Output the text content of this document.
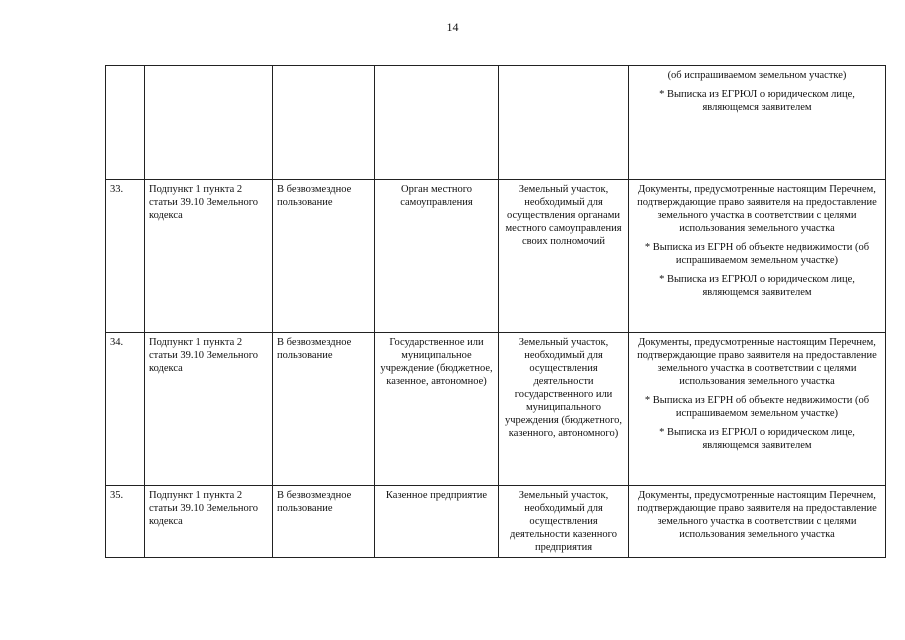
14

					(об испрашиваемом земельном участке)
* Выписка из ЕГРЮЛ о юридическом лице, являющемся заявителем

33.	Подпункт 1 пункта 2 статьи 39.10 Земельного кодекса	В безвозмездное пользование	Орган местного самоуправления	Земельный участок, необходимый для осуществления органами местного самоуправления своих полномочий	Документы, предусмотренные настоящим Перечнем, подтверждающие право заявителя на предоставление земельного участка в соответствии с целями использования земельного участка
* Выписка из ЕГРН об объекте недвижимости (об испрашиваемом земельном участке)
* Выписка из ЕГРЮЛ о юридическом лице, являющемся заявителем

34.	Подпункт 1 пункта 2 статьи 39.10 Земельного кодекса	В безвозмездное пользование	Государственное или муниципальное учреждение (бюджетное, казенное, автономное)	Земельный участок, необходимый для осуществления деятельности государственного или муниципального учреждения (бюджетного, казенного, автономного)	Документы, предусмотренные настоящим Перечнем, подтверждающие право заявителя на предоставление земельного участка в соответствии с целями использования земельного участка
* Выписка из ЕГРН об объекте недвижимости (об испрашиваемом земельном участке)
* Выписка из ЕГРЮЛ о юридическом лице, являющемся заявителем

35.	Подпункт 1 пункта 2 статьи 39.10 Земельного кодекса	В безвозмездное пользование	Казенное предприятие	Земельный участок, необходимый для осуществления деятельности казенного предприятия	Документы, предусмотренные настоящим Перечнем, подтверждающие право заявителя на предоставление земельного участка в соответствии с целями использования земельного участка
